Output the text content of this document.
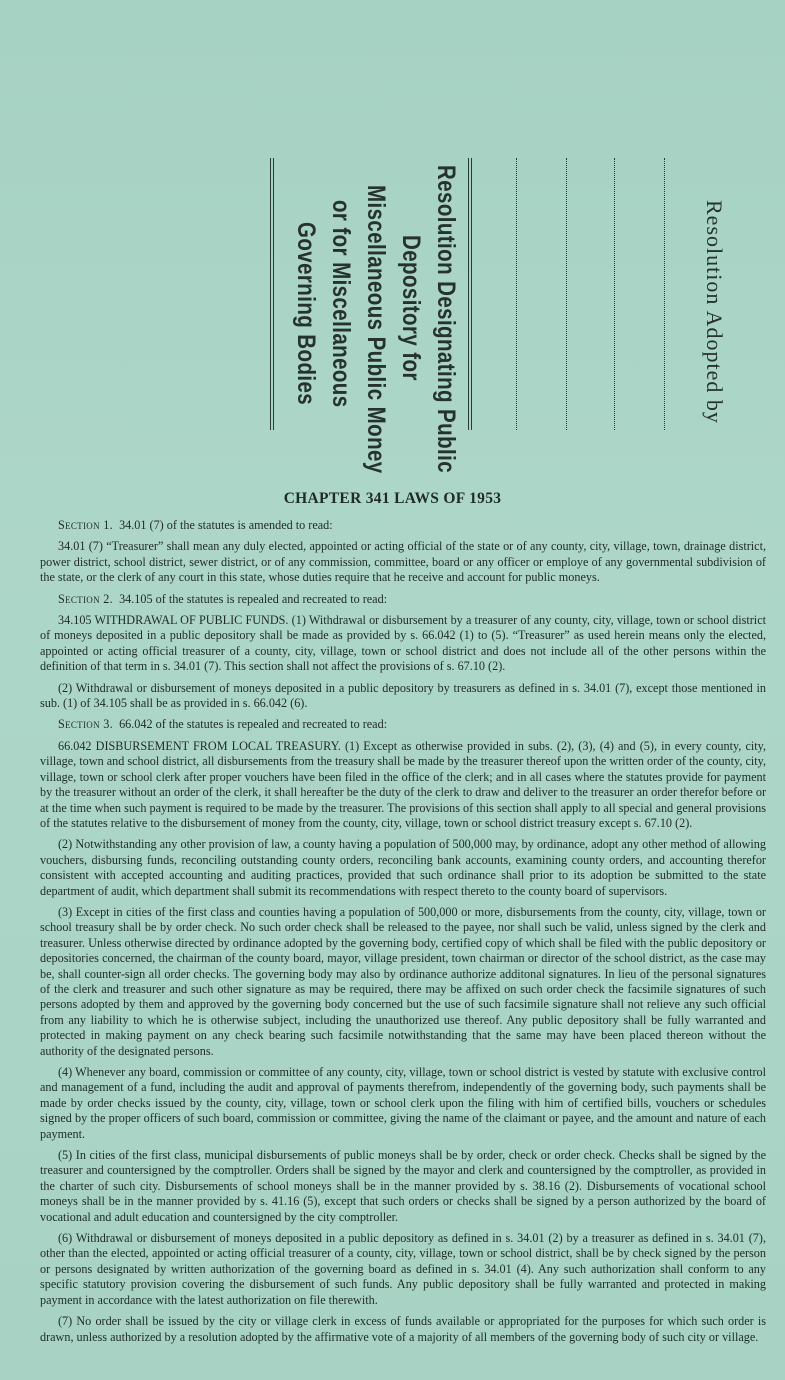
Resolution Designating Public
Depository for
Miscellaneous Public Money
or for Miscellaneous
Governing Bodies	Resolution Adopted by
CHAPTER 341 LAWS OF 1953

Section 1. 34.01 (7) of the statutes is amended to read:

34.01 (7) “Treasurer” shall mean any duly elected, appointed or acting official of the state or of any county, city, village, town, drainage district, power district, school district, sewer district, or of any commission, committee, board or any officer or employe of any governmental subdivision of the state, or the clerk of any court in this state, whose duties require that he receive and account for public moneys.

Section 2. 34.105 of the statutes is repealed and recreated to read:

34.105 WITHDRAWAL OF PUBLIC FUNDS. (1) Withdrawal or disbursement by a treasurer of any county, city, village, town or school district of moneys deposited in a public depository shall be made as provided by s. 66.042 (1) to (5). “Treasurer” as used herein means only the elected, appointed or acting official treasurer of a county, city, village, town or school district and does not include all of the other persons within the definition of that term in s. 34.01 (7). This section shall not affect the provisions of s. 67.10 (2).

(2) Withdrawal or disbursement of moneys deposited in a public depository by treasurers as defined in s. 34.01 (7), except those mentioned in sub. (1) of 34.105 shall be as provided in s. 66.042 (6).

Section 3. 66.042 of the statutes is repealed and recreated to read:

66.042 DISBURSEMENT FROM LOCAL TREASURY. (1) Except as otherwise provided in subs. (2), (3), (4) and (5), in every county, city, village, town and school district, all disbursements from the treasury shall be made by the treasurer thereof upon the written order of the county, city, village, town or school clerk after proper vouchers have been filed in the office of the clerk; and in all cases where the statutes provide for payment by the treasurer without an order of the clerk, it shall hereafter be the duty of the clerk to draw and deliver to the treasurer an order therefor before or at the time when such payment is required to be made by the treasurer. The provisions of this section shall apply to all special and general provisions of the statutes relative to the disbursement of money from the county, city, village, town or school district treasury except s. 67.10 (2).

(2) Notwithstanding any other provision of law, a county having a population of 500,000 may, by ordinance, adopt any other method of allowing vouchers, disbursing funds, reconciling outstanding county orders, reconciling bank accounts, examining county orders, and accounting therefor consistent with accepted accounting and auditing practices, provided that such ordinance shall prior to its adoption be submitted to the state department of audit, which department shall submit its recommendations with respect thereto to the county board of supervisors.

(3) Except in cities of the first class and counties having a population of 500,000 or more, disbursements from the county, city, village, town or school treasury shall be by order check. No such order check shall be released to the payee, nor shall such be valid, unless signed by the clerk and treasurer. Unless otherwise directed by ordinance adopted by the governing body, certified copy of which shall be filed with the public depository or depositories concerned, the chairman of the county board, mayor, village president, town chairman or director of the school district, as the case may be, shall counter-sign all order checks. The governing body may also by ordinance authorize additonal signatures. In lieu of the personal signatures of the clerk and treasurer and such other signature as may be required, there may be affixed on such order check the facsimile signatures of such persons adopted by them and approved by the governing body concerned but the use of such facsimile signature shall not relieve any such official from any liability to which he is otherwise subject, including the unauthorized use thereof. Any public depository shall be fully warranted and protected in making payment on any check bearing such facsimile notwithstanding that the same may have been placed thereon without the authority of the designated persons.

(4) Whenever any board, commission or committee of any county, city, village, town or school district is vested by statute with exclusive control and management of a fund, including the audit and approval of payments therefrom, independently of the governing body, such payments shall be made by order checks issued by the county, city, village, town or school clerk upon the filing with him of certified bills, vouchers or schedules signed by the proper officers of such board, commission or committee, giving the name of the claimant or payee, and the amount and nature of each payment.

(5) In cities of the first class, municipal disbursements of public moneys shall be by order, check or order check. Checks shall be signed by the treasurer and countersigned by the comptroller. Orders shall be signed by the mayor and clerk and countersigned by the comptroller, as provided in the charter of such city. Disbursements of school moneys shall be in the manner provided by s. 38.16 (2). Disbursements of vocational school moneys shall be in the manner provided by s. 41.16 (5), except that such orders or checks shall be signed by a person authorized by the board of vocational and adult education and countersigned by the city comptroller.

(6) Withdrawal or disbursement of moneys deposited in a public depository as defined in s. 34.01 (2) by a treasurer as defined in s. 34.01 (7), other than the elected, appointed or acting official treasurer of a county, city, village, town or school district, shall be by check signed by the person or persons designated by written authorization of the governing board as defined in s. 34.01 (4). Any such authorization shall conform to any specific statutory provision covering the disbursement of such funds. Any public depository shall be fully warranted and protected in making payment in accordance with the latest authorization on file therewith.

(7) No order shall be issued by the city or village clerk in excess of funds available or appropriated for the purposes for which such order is drawn, unless authorized by a resolution adopted by the affirmative vote of a majority of all members of the governing body of such city or village.
